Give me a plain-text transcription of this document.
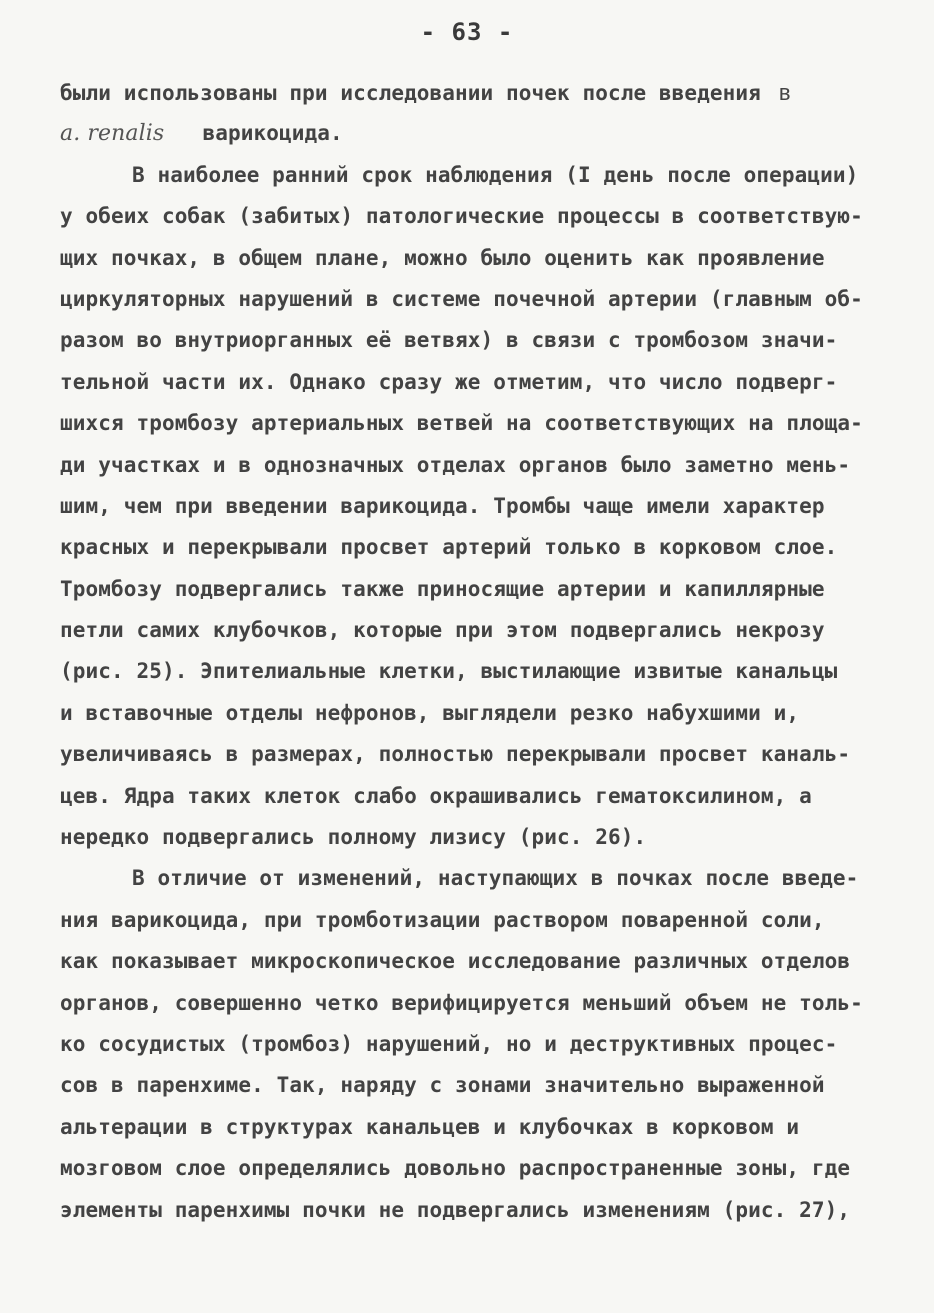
- 63 -
были использованы при исследовании почек после введения в
a. renalis варикоцида.
В наиболее ранний срок наблюдения (I день после операции)
у обеих собак (забитых) патологические процессы в соответствую-
щих почках, в общем плане, можно было оценить как проявление
циркуляторных нарушений в системе почечной артерии (главным об-
разом во внутриорганных её ветвях) в связи с тромбозом значи-
тельной части их. Однако сразу же отметим, что число подверг-
шихся тромбозу артериальных ветвей на соответствующих на площа-
ди участках и в однозначных отделах органов было заметно мень-
шим, чем при введении варикоцида. Тромбы чаще имели характер
красных и перекрывали просвет артерий только в корковом слое.
Тромбозу подвергались также приносящие артерии и капиллярные
петли самих клубочков, которые при этом подвергались некрозу
(рис. 25). Эпителиальные клетки, выстилающие извитые канальцы
и вставочные отделы нефронов, выглядели резко набухшими и,
увеличиваясь в размерах, полностью перекрывали просвет каналь-
цев. Ядра таких клеток слабо окрашивались гематоксилином, а
нередко подвергались полному лизису (рис. 26).
В отличие от изменений, наступающих в почках после введе-
ния варикоцида, при тромботизации раствором поваренной соли,
как показывает микроскопическое исследование различных отделов
органов, совершенно четко верифицируется меньший объем не толь-
ко сосудистых (тромбоз) нарушений, но и деструктивных процес-
сов в паренхиме. Так, наряду с зонами значительно выраженной
альтерации в структурах канальцев и клубочках в корковом и
мозговом слое определялись довольно распространенные зоны, где
элементы паренхимы почки не подвергались изменениям (рис. 27),
